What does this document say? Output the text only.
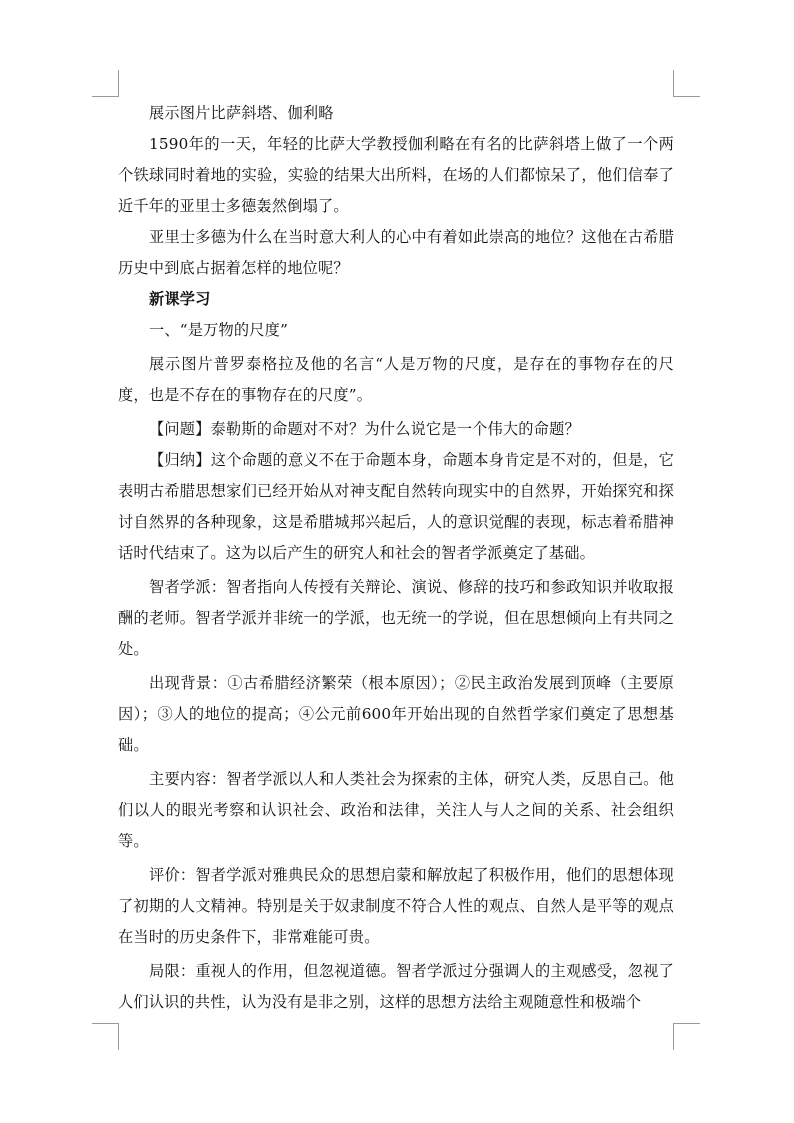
展示图片比萨斜塔、伽利略

1590年的一天，年轻的比萨大学教授伽利略在有名的比萨斜塔上做了一个两个铁球同时着地的实验，实验的结果大出所料，在场的人们都惊呆了，他们信奉了近千年的亚里士多德轰然倒塌了。

亚里士多德为什么在当时意大利人的心中有着如此崇高的地位？这他在古希腊历史中到底占据着怎样的地位呢？

新课学习

一、“是万物的尺度”

展示图片普罗泰格拉及他的名言“人是万物的尺度，是存在的事物存在的尺度，也是不存在的事物存在的尺度”。

【问题】泰勒斯的命题对不对？为什么说它是一个伟大的命题？

【归纳】这个命题的意义不在于命题本身，命题本身肯定是不对的，但是，它表明古希腊思想家们已经开始从对神支配自然转向现实中的自然界，开始探究和探讨自然界的各种现象，这是希腊城邦兴起后，人的意识觉醒的表现，标志着希腊神话时代结束了。这为以后产生的研究人和社会的智者学派奠定了基础。

智者学派：智者指向人传授有关辩论、演说、修辞的技巧和参政知识并收取报酬的老师。智者学派并非统一的学派，也无统一的学说，但在思想倾向上有共同之处。

出现背景：①古希腊经济繁荣（根本原因）；②民主政治发展到顶峰（主要原因）；③人的地位的提高；④公元前600年开始出现的自然哲学家们奠定了思想基础。

主要内容：智者学派以人和人类社会为探索的主体，研究人类，反思自己。他们以人的眼光考察和认识社会、政治和法律，关注人与人之间的关系、社会组织等。

评价：智者学派对雅典民众的思想启蒙和解放起了积极作用，他们的思想体现了初期的人文精神。特别是关于奴隶制度不符合人性的观点、自然人是平等的观点在当时的历史条件下，非常难能可贵。

局限：重视人的作用，但忽视道德。智者学派过分强调人的主观感受，忽视了人们认识的共性，认为没有是非之别，这样的思想方法给主观随意性和极端个
